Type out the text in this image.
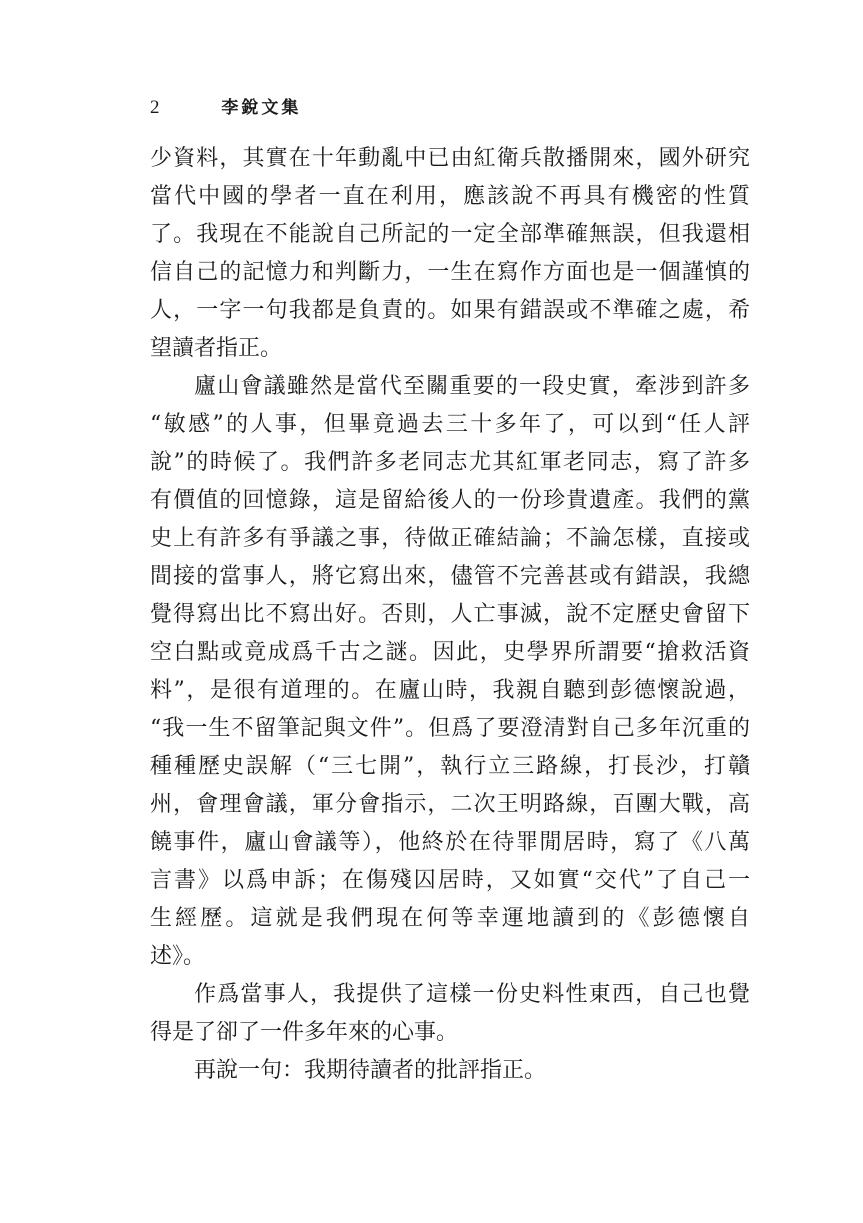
2	李銳文集
少資料，其實在十年動亂中已由紅衛兵散播開來，國外研究
當代中國的學者一直在利用，應該說不再具有機密的性質
了。我現在不能說自己所記的一定全部準確無誤，但我還相
信自己的記憶力和判斷力，一生在寫作方面也是一個謹慎的
人，一字一句我都是負責的。如果有錯誤或不準確之處，希
望讀者指正。
廬山會議雖然是當代至關重要的一段史實，牽涉到許多
“敏感”的人事，但畢竟過去三十多年了，可以到“任人評
說”的時候了。我們許多老同志尤其紅軍老同志，寫了許多
有價值的回憶錄，這是留給後人的一份珍貴遺產。我們的黨
史上有許多有爭議之事，待做正確結論；不論怎樣，直接或
間接的當事人，將它寫出來，儘管不完善甚或有錯誤，我總
覺得寫出比不寫出好。否則，人亡事滅，說不定歷史會留下
空白點或竟成爲千古之謎。因此，史學界所謂要“搶救活資
料”，是很有道理的。在廬山時，我親自聽到彭德懷說過，
“我一生不留筆記與文件”。但爲了要澄清對自己多年沉重的
種種歷史誤解（“三七開”，執行立三路線，打長沙，打贛
州，會理會議，軍分會指示，二次王明路線，百團大戰，高
饒事件，廬山會議等），他終於在待罪閒居時，寫了《八萬
言書》以爲申訴；在傷殘囚居時，又如實“交代”了自己一
生經歷。這就是我們現在何等幸運地讀到的《彭德懷自
述》。
作爲當事人，我提供了這樣一份史料性東西，自己也覺
得是了卻了一件多年來的心事。
再說一句：我期待讀者的批評指正。
